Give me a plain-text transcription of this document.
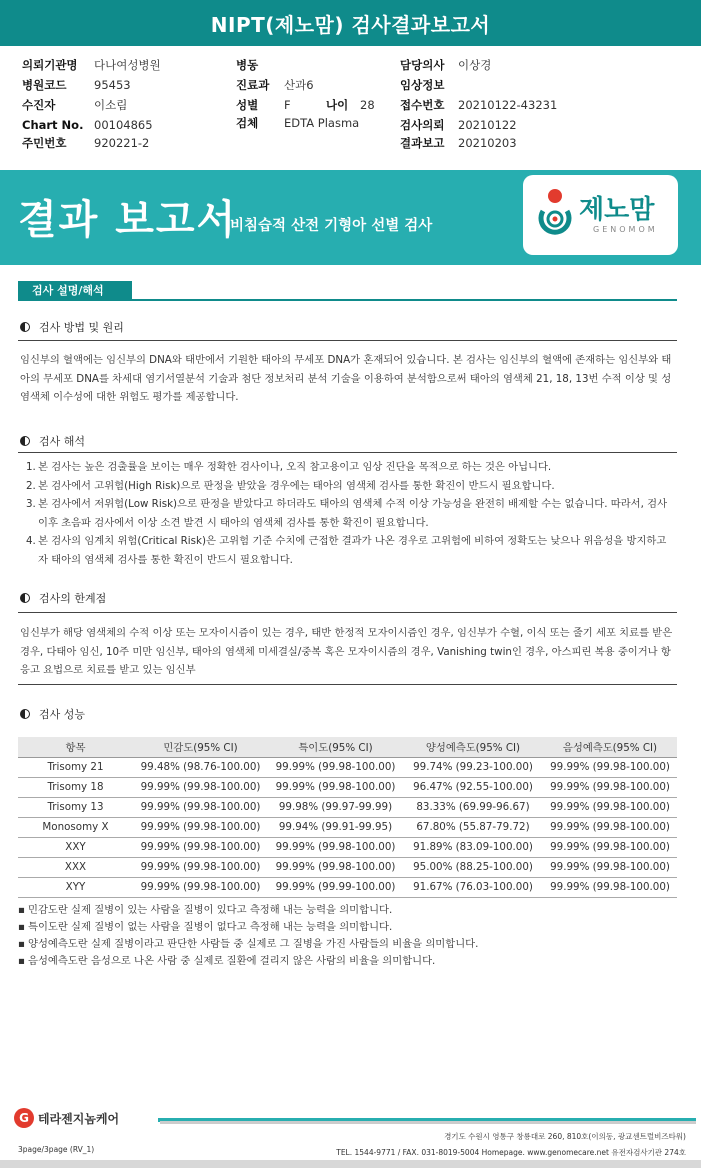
NIPT(제노맘) 검사결과보고서
의뢰기관명 다나여성병원
병원코드 95453
수진자	이소림
Chart No. 00104865
주민번호 920221-2
병동
진료과 산과6
성별 F	나이 28
검체 EDTA Plasma
담당의사 이상경
임상정보
접수번호 20210122-43231
검사의뢰 20210122
결과보고 20210203
결과 보고서
비침습적 산전 기형아 선별 검사
제노맘
GENOMOM
검사 설명/해석
검사 방법 및 원리
임신부의 혈액에는 임신부의 DNA와 태반에서 기원한 태아의 무세포 DNA가 혼재되어 있습니다. 본 검사는 임신부의 혈액에 존재하는 임신부와 태아의 무세포 DNA를 차세대 염기서열분석 기술과 첨단 정보처리 분석 기술을 이용하여 분석함으로써 태아의 염색체 21, 18, 13번 수적 이상 및 성염색체 이수성에 대한 위험도 평가를 제공합니다.
검사 해석
1. 본 검사는 높은 검출률을 보이는 매우 정확한 검사이나, 오직 참고용이고 임상 진단을 목적으로 하는 것은 아닙니다.
2. 본 검사에서 고위험(High Risk)으로 판정을 받았을 경우에는 태아의 염색체 검사를 통한 확진이 반드시 필요합니다.
3. 본 검사에서 저위험(Low Risk)으로 판정을 받았다고 하더라도 태아의 염색체 수적 이상 가능성을 완전히 배제할 수는 없습니다. 따라서, 검사 이후 초음파 검사에서 이상 소견 발견 시 태아의 염색체 검사를 통한 확진이 필요합니다.
4. 본 검사의 임계치 위험(Critical Risk)은 고위험 기준 수치에 근접한 결과가 나온 경우로 고위험에 비하여 정확도는 낮으나 위음성을 방지하고자 태아의 염색체 검사를 통한 확진이 반드시 필요합니다.
검사의 한계점
임신부가 해당 염색체의 수적 이상 또는 모자이시즘이 있는 경우, 태반 한정적 모자이시즘인 경우, 임신부가 수혈, 이식 또는 줄기 세포 치료를 받은 경우, 다태아 임신, 10주 미만 임신부, 태아의 염색체 미세결실/중복 혹은 모자이시즘의 경우, Vanishing twin인 경우, 아스피린 복용 중이거나 항 응고 요법으로 치료를 받고 있는 임신부
검사 성능
항목	민감도(95% CI)	특이도(95% CI)	양성예측도(95% CI)	음성예측도(95% CI)
Trisomy 21	99.48% (98.76-100.00)	99.99% (99.98-100.00)	99.74% (99.23-100.00)	99.99% (99.98-100.00)
Trisomy 18	99.99% (99.98-100.00)	99.99% (99.98-100.00)	96.47% (92.55-100.00)	99.99% (99.98-100.00)
Trisomy 13	99.99% (99.98-100.00)	99.98% (99.97-99.99)	83.33% (69.99-96.67)	99.99% (99.98-100.00)
Monosomy X	99.99% (99.98-100.00)	99.94% (99.91-99.95)	67.80% (55.87-79.72)	99.99% (99.98-100.00)
XXY	99.99% (99.98-100.00)	99.99% (99.98-100.00)	91.89% (83.09-100.00)	99.99% (99.98-100.00)
XXX	99.99% (99.98-100.00)	99.99% (99.98-100.00)	95.00% (88.25-100.00)	99.99% (99.98-100.00)
XYY	99.99% (99.98-100.00)	99.99% (99.99-100.00)	91.67% (76.03-100.00)	99.99% (99.98-100.00)
▪ 민감도란 실제 질병이 있는 사람을 질병이 있다고 측정해 내는 능력을 의미합니다.
▪ 특이도란 실제 질병이 없는 사람을 질병이 없다고 측정해 내는 능력을 의미합니다.
▪ 양성예측도란 실제 질병이라고 판단한 사람들 중 실제로 그 질병을 가진 사람들의 비율을 의미합니다.
▪ 음성예측도란 음성으로 나온 사람 중 실제로 질환에 걸리지 않은 사람의 비율을 의미합니다.
G 테라젠지놈케어
경기도 수원시 영통구 창룡대로 260, 810호(이의동, 광교센트럴비즈타워)
TEL. 1544-9771 / FAX. 031-8019-5004 Homepage. www.genomecare.net 유전자검사기관 274호
3page/3page (RV_1)
